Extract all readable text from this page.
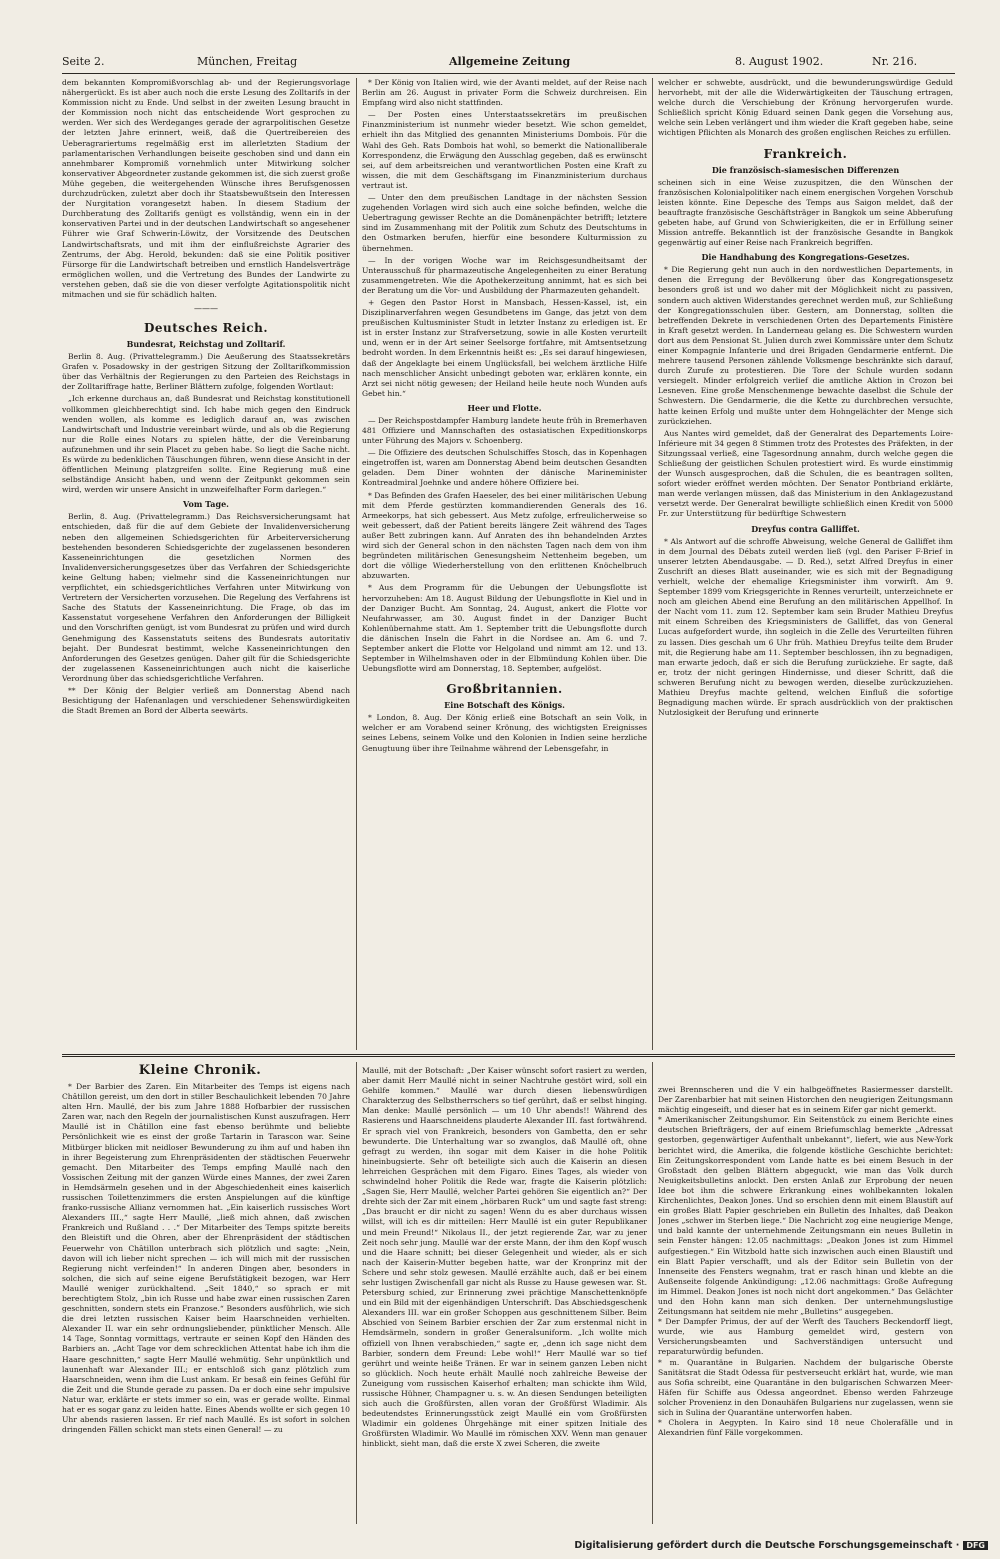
Seite 2.	München, Freitag	Allgemeine Zeitung	8. August 1902.	Nr. 216.

dem bekannten Kompromißvorschlag ab- und der Regierungsvorlage nähergerückt. Es ist aber auch noch die erste Lesung des Zolltarifs in der Kommission nicht zu Ende. Und selbst in der zweiten Lesung braucht in der Kommission noch nicht das entscheidende Wort gesprochen zu werden. Wer sich des Werdeganges gerade der agrarpolitischen Gesetze der letzten Jahre erinnert, weiß, daß die Quertreibereien des Ueberagrariertums regelmäßig erst im allerletzten Stadium der parlamentarischen Verhandlungen beiseite geschoben sind und dann ein annehmbarer Kompromiß vornehmlich unter Mitwirkung solcher konservativer Abgeordneter zustande gekommen ist, die sich zuerst große Mühe gegeben, die weitergehenden Wünsche ihres Berufsgenossen durchzudrücken, zuletzt aber doch ihr Staatsbewußtsein den Interessen der Nurgitation vorangesetzt haben. In diesem Stadium der Durchberatung des Zolltarifs genügt es vollständig, wenn ein in der konservativen Partei und in der deutschen Landwirtschaft so angesehener Führer wie Graf Schwerin-Löwitz, der Vorsitzende des Deutschen Landwirtschaftsrats, und mit ihm der einflußreichste Agrarier des Zentrums, der Abg. Herold, bekunden: daß sie eine Politik positiver Fürsorge für die Landwirtschaft betreiben und ernstlich Handelsverträge ermöglichen wollen, und die Vertretung des Bundes der Landwirte zu verstehen geben, daß sie die von dieser verfolgte Agitationspolitik nicht mitmachen und sie für schädlich halten.

———
Deutsches Reich.
Bundesrat, Reichstag und Zolltarif.

Berlin 8. Aug. (Privattelegramm.) Die Aeußerung des Staatssekretärs Grafen v. Posadowsky in der gestrigen Sitzung der Zolltarifkommission über das Verhältnis der Regierungen zu den Parteien des Reichstags in der Zolltariffrage hatte, Berliner Blättern zufolge, folgenden Wortlaut:

„Ich erkenne durchaus an, daß Bundesrat und Reichstag konstitutionell vollkommen gleichberechtigt sind. Ich habe mich gegen den Eindruck wenden wollen, als komme es lediglich darauf an, was zwischen Landwirtschaft und Industrie vereinbart würde, und als ob die Regierung nur die Rolle eines Notars zu spielen hätte, der die Vereinbarung aufzunehmen und ihr sein Placet zu geben habe. So liegt die Sache nicht. Es würde zu bedenklichen Täuschungen führen, wenn diese Ansicht in der öffentlichen Meinung platzgreifen sollte. Eine Regierung muß eine selbständige Ansicht haben, und wenn der Zeitpunkt gekommen sein wird, werden wir unsere Ansicht in unzweifelhafter Form darlegen.“

Vom Tage.

Berlin, 8. Aug. (Privattelegramm.) Das Reichsversicherungsamt hat entschieden, daß für die auf dem Gebiete der Invalidenversicherung neben den allgemeinen Schiedsgerichten für Arbeiterversicherung bestehenden besonderen Schiedsgerichte der zugelassenen besonderen Kasseneinrichtungen die gesetzlichen Normen des Invalidenversicherungsgesetzes über das Verfahren der Schiedsgerichte keine Geltung haben; vielmehr sind die Kasseneinrichtungen nur verpflichtet, ein schiedsgerichtliches Verfahren unter Mitwirkung von Vertretern der Versicherten vorzusehen. Die Regelung des Verfahrens ist Sache des Statuts der Kasseneinrichtung. Die Frage, ob das im Kassenstatut vorgesehene Verfahren den Anforderungen der Billigkeit und den Vorschriften genügt, ist vom Bundesrat zu prüfen und wird durch Genehmigung des Kassenstatuts seitens des Bundesrats autoritativ bejaht. Der Bundesrat bestimmt, welche Kasseneinrichtungen den Anforderungen des Gesetzes genügen. Daher gilt für die Schiedsgerichte der zugelassenen Kasseneinrichtungen auch nicht die kaiserliche Verordnung über das schiedsgerichtliche Verfahren.

** Der König der Belgier verließ am Donnerstag Abend nach Besichtigung der Hafenanlagen und verschiedener Sehenswürdigkeiten die Stadt Bremen an Bord der Alberta seewärts.

* Der König von Italien wird, wie der Avanti meldet, auf der Reise nach Berlin am 26. August in privater Form die Schweiz durchreisen. Ein Empfang wird also nicht stattfinden.

— Der Posten eines Unterstaatssekretärs im preußischen Finanzministerium ist nunmehr wieder besetzt. Wie schon gemeldet, erhielt ihn das Mitglied des genannten Ministeriums Dombois. Für die Wahl des Geh. Rats Dombois hat wohl, so bemerkt die Nationalliberale Korrespondenz, die Erwägung den Ausschlag gegeben, daß es erwünscht sei, auf dem arbeitsreichen und verantwortlichen Posten eine Kraft zu wissen, die mit dem Geschäftsgang im Finanzministerium durchaus vertraut ist.

— Unter den dem preußischen Landtage in der nächsten Session zugehenden Vorlagen wird sich auch eine solche befinden, welche die Uebertragung gewisser Rechte an die Domänenpächter betrifft; letztere sind im Zusammenhang mit der Politik zum Schutz des Deutschtums in den Ostmarken berufen, hierfür eine besondere Kulturmission zu übernehmen.

— In der vorigen Woche war im Reichsgesundheitsamt der Unterausschuß für pharmazeutische Angelegenheiten zu einer Beratung zusammengetreten. Wie die Apothekerzeitung annimmt, hat es sich bei der Beratung um die Vor- und Ausbildung der Pharmazeuten gehandelt.

+ Gegen den Pastor Horst in Mansbach, Hessen-Kassel, ist, ein Disziplinarverfahren wegen Gesundbetens im Gange, das jetzt von dem preußischen Kultusminister Studt in letzter Instanz zu erledigen ist. Er ist in erster Instanz zur Strafversetzung, sowie in alle Kosten verurteilt und, wenn er in der Art seiner Seelsorge fortfahre, mit Amtsentsetzung bedroht worden. In dem Erkenntnis heißt es: „Es sei darauf hingewiesen, daß der Angeklagte bei einem Unglücksfall, bei welchem ärztliche Hilfe nach menschlicher Ansicht unbedingt geboten war, erklären konnte, ein Arzt sei nicht nötig gewesen; der Heiland heile heute noch Wunden aufs Gebet hin.“

Heer und Flotte.

— Der Reichspostdampfer Hamburg landete heute früh in Bremerhaven 481 Offiziere und Mannschaften des ostasiatischen Expeditionskorps unter Führung des Majors v. Schoenberg.

— Die Offiziere des deutschen Schulschiffes Stosch, das in Kopenhagen eingetroffen ist, waren am Donnerstag Abend beim deutschen Gesandten geladen. Dem Diner wohnten der dänische Marineminister Kontreadmiral Joehnke und andere höhere Offiziere bei.

* Das Befinden des Grafen Haeseler, des bei einer militärischen Uebung mit dem Pferde gestürzten kommandierenden Generals des 16. Armeekorps, hat sich gebessert. Aus Metz zufolge, erfreulicherweise so weit gebessert, daß der Patient bereits längere Zeit während des Tages außer Bett zubringen kann. Auf Anraten des ihn behandelnden Arztes wird sich der General schon in den nächsten Tagen nach dem von ihm begründeten militärischen Genesungsheim Nettenheim begeben, um dort die völlige Wiederherstellung von den erlittenen Knöchelbruch abzuwarten.

* Aus dem Programm für die Uebungen der Uebungsflotte ist hervorzuheben: Am 18. August Bildung der Uebungsflotte in Kiel und in der Danziger Bucht. Am Sonntag, 24. August, ankert die Flotte vor Neufahrwasser, am 30. August findet in der Danziger Bucht Kohlenübernahme statt. Am 1. September tritt die Uebungsflotte durch die dänischen Inseln die Fahrt in die Nordsee an. Am 6. und 7. September ankert die Flotte vor Helgoland und nimmt am 12. und 13. September in Wilhelmshaven oder in der Elbmündung Kohlen über. Die Uebungsflotte wird am Donnerstag, 18. September, aufgelöst.

Großbritannien.
Eine Botschaft des Königs.

* London, 8. Aug. Der König erließ eine Botschaft an sein Volk, in welcher er am Vorabend seiner Krönung, des wichtigsten Ereignisses seines Lebens, seinem Volke und den Kolonien in Indien seine herzliche Genugtuung über ihre Teilnahme während der Lebensgefahr, in

welcher er schwebte, ausdrückt, und die bewunderungswürdige Geduld hervorhebt, mit der alle die Widerwärtigkeiten der Täuschung ertragen, welche durch die Verschiebung der Krönung hervorgerufen wurde. Schließlich spricht König Eduard seinen Dank gegen die Vorsehung aus, welche sein Leben verlängert und ihm wieder die Kraft gegeben habe, seine wichtigen Pflichten als Monarch des großen englischen Reiches zu erfüllen.

Frankreich.
Die französisch-siamesischen Differenzen

scheinen sich in eine Weise zuzuspitzen, die den Wünschen der französischen Kolonialpolitiker nach einem energischen Vorgehen Vorschub leisten könnte. Eine Depesche des Temps aus Saigon meldet, daß der beauftragte französische Geschäftsträger in Bangkok um seine Abberufung gebeten habe, auf Grund von Schwierigkeiten, die er in Erfüllung seiner Mission antreffe. Bekanntlich ist der französische Gesandte in Bangkok gegenwärtig auf einer Reise nach Frankreich begriffen.

Die Handhabung des Kongregations-Gesetzes.

* Die Regierung geht nun auch in den nordwestlichen Departements, in denen die Erregung der Bevölkerung über das Kongregationsgesetz besonders groß ist und wo daher mit der Möglichkeit nicht zu passiven, sondern auch aktiven Widerstandes gerechnet werden muß, zur Schließung der Kongregationsschulen über. Gestern, am Donnerstag, sollten die betreffenden Dekrete in verschiedenen Orten des Departements Finistère in Kraft gesetzt werden. In Landerneau gelang es. Die Schwestern wurden dort aus dem Pensionat St. Julien durch zwei Kommissäre unter dem Schutz einer Kompagnie Infanterie und drei Brigaden Gendarmerie entfernt. Die mehrere tausend Personen zählende Volksmenge beschränkte sich darauf, durch Zurufe zu protestieren. Die Tore der Schule wurden sodann versiegelt. Minder erfolgreich verlief die amtliche Aktion in Crozon bei Lesneven. Eine große Menschenmenge bewachte daselbst die Schule der Schwestern. Die Gendarmerie, die die Kette zu durchbrechen versuchte, hatte keinen Erfolg und mußte unter dem Hohngelächter der Menge sich zurückziehen.

Aus Nantes wird gemeldet, daß der Generalrat des Departements Loire-Inférieure mit 34 gegen 8 Stimmen trotz des Protestes des Präfekten, in der Sitzungssaal verließ, eine Tagesordnung annahm, durch welche gegen die Schließung der geistlichen Schulen protestiert wird. Es wurde einstimmig der Wunsch ausgesprochen, daß die Schulen, die es beantragen sollten, sofort wieder eröffnet werden möchten. Der Senator Pontbriand erklärte, man werde verlangen müssen, daß das Ministerium in den Anklagezustand versetzt werde. Der Generalrat bewilligte schließlich einen Kredit von 5000 Fr. zur Unterstützung für bedürftige Schwestern

Dreyfus contra Galliffet.

* Als Antwort auf die schroffe Abweisung, welche General de Galliffet ihm in dem Journal des Débats zuteil werden ließ (vgl. den Pariser F-Brief in unserer letzten Abendausgabe. — D. Red.), setzt Alfred Dreyfus in einer Zuschrift an dieses Blatt auseinander, wie es sich mit der Begnadigung verhielt, welche der ehemalige Kriegsminister ihm vorwirft. Am 9. September 1899 vom Kriegsgerichte in Rennes verurteilt, unterzeichnete er noch am gleichen Abend eine Berufung an den militärischen Appellhof. In der Nacht vom 11. zum 12. September kam sein Bruder Mathieu Dreyfus mit einem Schreiben des Kriegsministers de Galliffet, das von General Lucas aufgefordert wurde, ihn sogleich in die Zelle des Verurteilten führen zu lassen. Dies geschah um 6 Uhr früh. Mathieu Dreyfus teilte dem Bruder mit, die Regierung habe am 11. September beschlossen, ihn zu begnadigen, man erwarte jedoch, daß er sich die Berufung zurückziehe. Er sagte, daß er, trotz der nicht geringen Hindernisse, und dieser Schritt, daß die schweren Berufung nicht zu bewogen werden, dieselbe zurückzuziehen. Mathieu Dreyfus machte geltend, welchen Einfluß die sofortige Begnadigung machen würde. Er sprach ausdrücklich von der praktischen Nutzlosigkeit der Berufung und erinnerte

Kleine Chronik.

* Der Barbier des Zaren. Ein Mitarbeiter des Temps ist eigens nach Châtillon gereist, um den dort in stiller Beschaulichkeit lebenden 70 Jahre alten Hrn. Maullé, der bis zum Jahre 1888 Hofbarbier der russischen Zaren war, nach den Regeln der journalistischen Kunst auszufragen. Herr Maullé ist in Châtillon eine fast ebenso berühmte und beliebte Persönlichkeit wie es einst der große Tartarin in Tarascon war. Seine Mitbürger blicken mit neidloser Bewunderung zu ihm auf und haben ihn in ihrer Begeisterung zum Ehrenpräsidenten der städtischen Feuerwehr gemacht. Den Mitarbeiter des Temps empfing Maullé nach den Vossischen Zeitung mit der ganzen Würde eines Mannes, der zwei Zaren in Hemdsärmeln gesehen und in der Abgeschiedenheit eines kaiserlich russischen Toilettenzimmers die ersten Anspielungen auf die künftige franko-russische Allianz vernommen hat. „Ein kaiserlich russisches Wort Alexanders III.,“ sagte Herr Maullé, „ließ mich ahnen, daß zwischen Frankreich und Rußland . . .“ Der Mitarbeiter des Temps spitzte bereits den Bleistift und die Ohren, aber der Ehrenpräsident der städtischen Feuerwehr von Châtillon unterbrach sich plötzlich und sagte: „Nein, davon will ich lieber nicht sprechen — ich will mich mit der russischen Regierung nicht verfeinden!“ In anderen Dingen aber, besonders in solchen, die sich auf seine eigene Berufstätigkeit bezogen, war Herr Maullé weniger zurückhaltend. „Seit 1840,“ so sprach er mit berechtigtem Stolz, „bin ich Russe und habe zwar einen russischen Zaren geschnitten, sondern stets ein Franzose.“ Besonders ausführlich, wie sich die drei letzten russischen Kaiser beim Haarschneiden verhielten. Alexander II. war ein sehr ordnungsliebender, pünktlicher Mensch. Alle 14 Tage, Sonntag vormittags, vertraute er seinen Kopf den Händen des Barbiers an. „Acht Tage vor dem schrecklichen Attentat habe ich ihm die Haare geschnitten,“ sagte Herr Maullé wehmütig. Sehr unpünktlich und launenhaft war Alexander III.; er entschloß sich ganz plötzlich zum Haarschneiden, wenn ihm die Lust ankam. Er besaß ein feines Gefühl für die Zeit und die Stunde gerade zu passen. Da er doch eine sehr impulsive Natur war, erklärte er stets immer so ein, was er gerade wollte. Einmal hat er es sogar ganz zu leiden hatte. Eines Abends wollte er sich gegen 10 Uhr abends rasieren lassen. Er rief nach Maullé. Es ist sofort in solchen dringenden Fällen schickt man stets einen General! — zu

Maullé, mit der Botschaft: „Der Kaiser wünscht sofort rasiert zu werden, aber damit Herr Maullé nicht in seiner Nachtruhe gestört wird, soll ein Gehilfe kommen.“ Maullé war durch diesen liebenswürdigen Charakterzug des Selbstherrschers so tief gerührt, daß er selbst hinging. Man denke: Maullé persönlich — um 10 Uhr abends!! Während des Rasierens und Haarschneidens plauderte Alexander III. fast fortwährend. Er sprach viel von Frankreich, besonders von Gambetta, den er sehr bewunderte. Die Unterhaltung war so zwanglos, daß Maullé oft, ohne gefragt zu werden, ihn sogar mit dem Kaiser in die hohe Politik hineinbugsierte. Sehr oft beteiligte sich auch die Kaiserin an diesen lehrreichen Gesprächen mit dem Figaro. Eines Tages, als wieder von schwindelnd hoher Politik die Rede war, fragte die Kaiserin plötzlich: „Sagen Sie, Herr Maullé, welcher Partei gehören Sie eigentlich an?“ Der drehte sich der Zar mit einem „hörbaren Ruck“ um und sagte fast streng: „Das braucht er dir nicht zu sagen! Wenn du es aber durchaus wissen willst, will ich es dir mitteilen: Herr Maullé ist ein guter Republikaner und mein Freund!“ Nikolaus II., der jetzt regierende Zar, war zu jener Zeit noch sehr jung. Maullé war der erste Mann, der ihm den Kopf wusch und die Haare schnitt; bei dieser Gelegenheit und wieder, als er sich nach der Kaiserin-Mutter begeben hatte, war der Kronprinz mit der Schere und sehr stolz gewesen. Maullé erzählte auch, daß er bei einem sehr lustigen Zwischenfall gar nicht als Russe zu Hause gewesen war. St. Petersburg schied, zur Erinnerung zwei prächtige Manschettenknöpfe und ein Bild mit der eigenhändigen Unterschrift. Das Abschiedsgeschenk Alexanders III. war ein großer Schoppen aus geschnittenem Silber. Beim Abschied von Seinem Barbier erschien der Zar zum erstenmal nicht in Hemdsärmeln, sondern in großer Generalsuniform. „Ich wollte mich offiziell von Ihnen verabschieden,“ sagte er, „denn ich sage nicht dem Barbier, sondern dem Freund: Lebe wohl!“ Herr Maullé war so tief gerührt und weinte heiße Tränen. Er war in seinem ganzen Leben nicht so glücklich. Noch heute erhält Maullé noch zahlreiche Beweise der Zuneigung vom russischen Kaiserhof erhalten; man schickte ihm Wild, russische Hühner, Champagner u. s. w. An diesen Sendungen beteiligten sich auch die Großfürsten, allen voran der Großfürst Wladimir. Als bedeutendstes Erinnerungsstück zeigt Maullé ein vom Großfürsten Wladimir ein goldenes Ührgehänge mit einer spitzen Initiale des Großfürsten Wladimir. Wo Maullé im römischen XXV. Wenn man genauer hinblickt, sieht man, daß die erste X zwei Scheren, die zweite

zwei Brennscheren und die V ein halbgeöffnetes Rasiermesser darstellt. Der Zarenbarbier hat mit seinen Historchen den neugierigen Zeitungsmann mächtig eingeseift, und dieser hat es in seinem Eifer gar nicht gemerkt.
* Amerikanischer Zeitungshumor. Ein Seitenstück zu einem Berichte eines deutschen Briefträgers, der auf einem Briefumschlag bemerkte „Adressat gestorben, gegenwärtiger Aufenthalt unbekannt“, liefert, wie aus New-York berichtet wird, die Amerika, die folgende köstliche Geschichte berichtet: Ein Zeitungskorrespondent vom Lande hatte es bei einem Besuch in der Großstadt den gelben Blättern abgeguckt, wie man das Volk durch Neuigkeitsbulletins anlockt. Den ersten Anlaß zur Erprobung der neuen Idee bot ihm die schwere Erkrankung eines wohlbekannten lokalen Kirchenlichtes, Deakon Jones. Und so erschien denn mit einem Blaustift auf ein großes Blatt Papier geschrieben ein Bulletin des Inhaltes, daß Deakon Jones „schwer im Sterben liege.“ Die Nachricht zog eine neugierige Menge, und bald kannte der unternehmende Zeitungsmann ein neues Bulletin in sein Fenster hängen: 12.05 nachmittags: „Deakon Jones ist zum Himmel aufgestiegen.“ Ein Witzbold hatte sich inzwischen auch einen Blaustift und ein Blatt Papier verschafft, und als der Editor sein Bulletin von der Innenseite des Fensters wegnahm, trat er rasch hinan und klebte an die Außenseite folgende Ankündigung: „12.06 nachmittags: Große Aufregung im Himmel. Deakon Jones ist noch nicht dort angekommen.“ Das Gelächter und den Hohn kann man sich denken. Der unternehmungslustige Zeitungsmann hat seitdem nie mehr „Bulletins“ ausgegeben.
* Der Dampfer Primus, der auf der Werft des Tauchers Beckendorff liegt, wurde, wie aus Hamburg gemeldet wird, gestern von Versicherungsbeamten und Sachverständigen untersucht und reparaturwürdig befunden.
* m. Quarantäne in Bulgarien. Nachdem der bulgarische Oberste Sanitätsrat die Stadt Odessa für pestverseucht erklärt hat, wurde, wie man aus Sofia schreibt, eine Quarantäne in den bulgarischen Schwarzen Meer-Häfen für Schiffe aus Odessa angeordnet. Ebenso werden Fahrzeuge solcher Provenienz in den Donauhäfen Bulgariens nur zugelassen, wenn sie sich in Sulina der Quarantäne unterworfen haben.
* Cholera in Aegypten. In Kairo sind 18 neue Cholerafälle und in Alexandrien fünf Fälle vorgekommen.

Digitalisierung gefördert durch die Deutsche Forschungsgemeinschaft · DFG
